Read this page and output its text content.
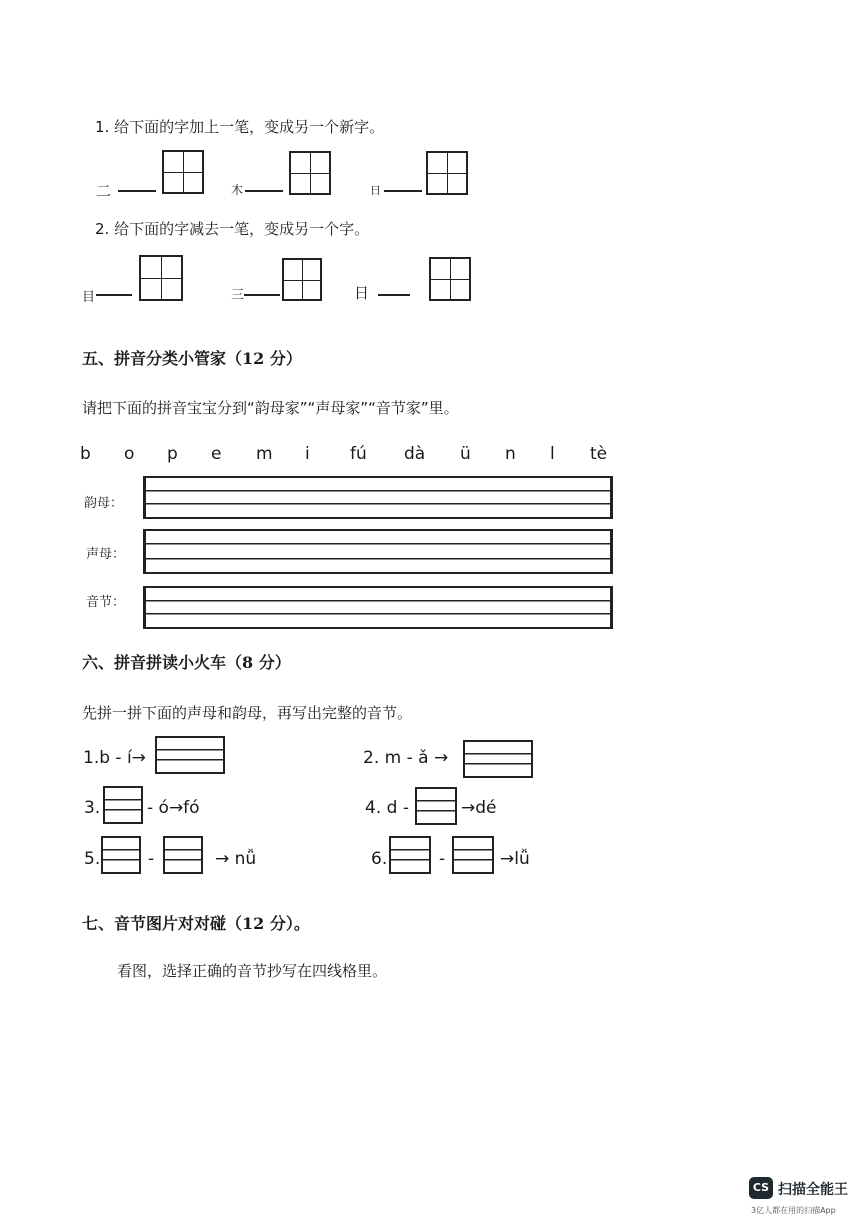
1. 给下面的字加上一笔，变成另一个新字。
二	木	日
2. 给下面的字减去一笔，变成另一个字。
目	三	日
五、拼音分类小管家（12 分）
请把下面的拼音宝宝分到“韵母家”“声母家”“音节家”里。
b o p e m i fú dà ü n l tè
韵母：
声母：
音节：
六、拼音拼读小火车（8 分）
先拼一拼下面的声母和韵母，再写出完整的音节。
1.b - í→	2. m - ǎ →
3.	- ó→fó	4. d -	→dé
5.	-	→ nǚ	6.	-	→lǚ
七、音节图片对对碰（12 分）。
看图，选择正确的音节抄写在四线格里。
CS 扫描全能王
3亿人都在用的扫描App
